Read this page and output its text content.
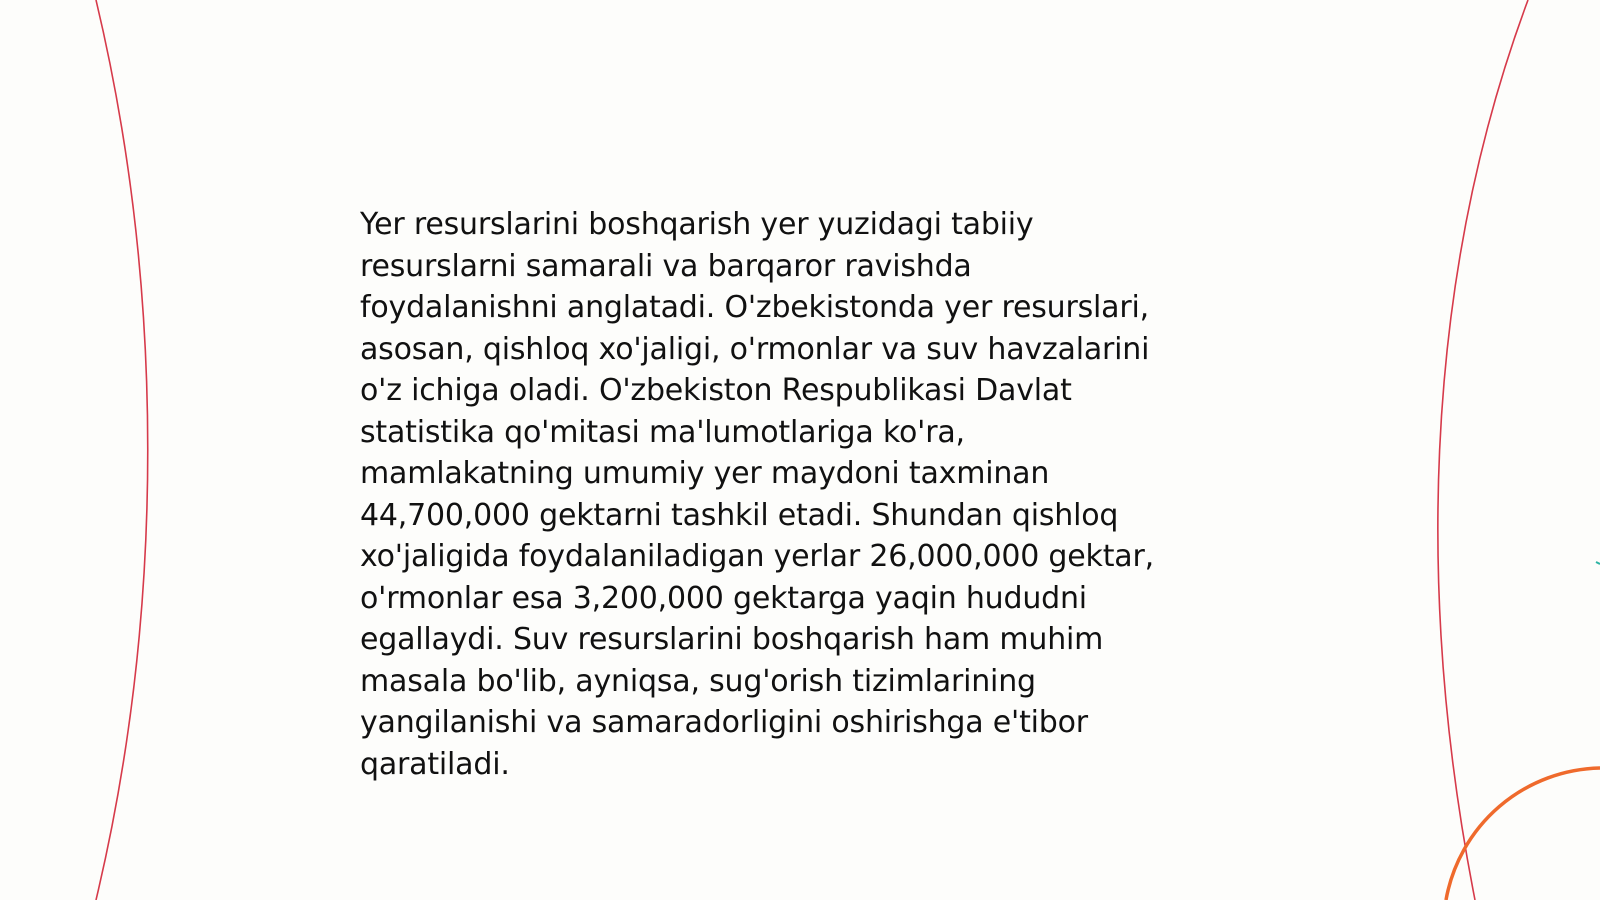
Yer resurslarini boshqarish yer yuzidagi tabiiy
resurslarni samarali va barqaror ravishda
foydalanishni anglatadi. O'zbekistonda yer resurslari,
asosan, qishloq xo'jaligi, o'rmonlar va suv havzalarini
o'z ichiga oladi. O'zbekiston Respublikasi Davlat
statistika qo'mitasi ma'lumotlariga ko'ra,
mamlakatning umumiy yer maydoni taxminan
44,700,000 gektarni tashkil etadi. Shundan qishloq
xo'jaligida foydalaniladigan yerlar 26,000,000 gektar,
o'rmonlar esa 3,200,000 gektarga yaqin hududni
egallaydi. Suv resurslarini boshqarish ham muhim
masala bo'lib, ayniqsa, sug'orish tizimlarining
yangilanishi va samaradorligini oshirishga e'tibor
qaratiladi.
